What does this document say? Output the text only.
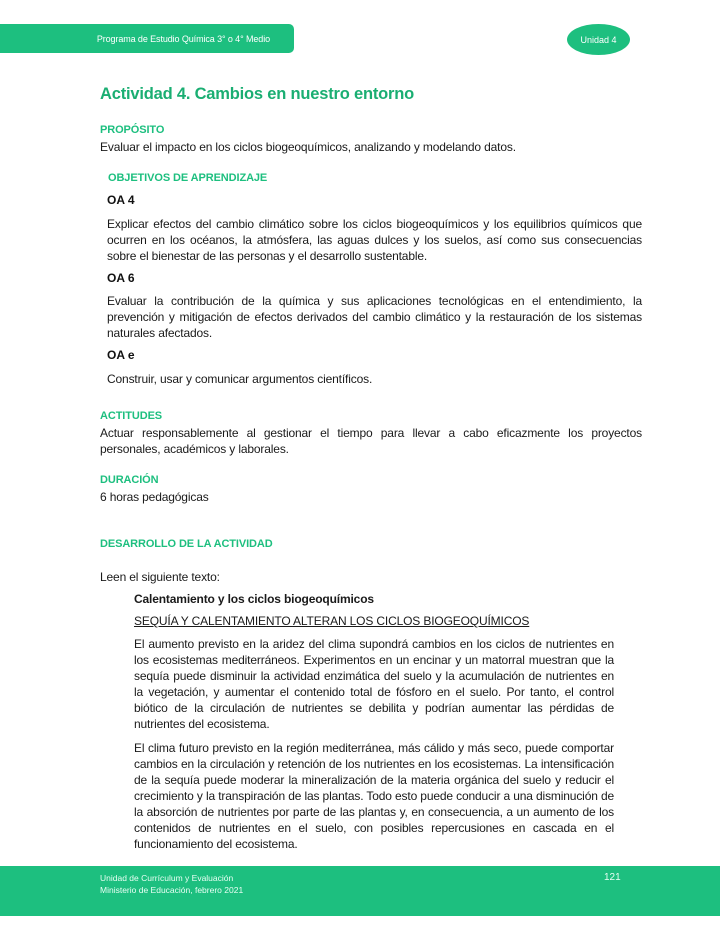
Programa de Estudio Química 3° o 4° Medio	Unidad 4
Actividad 4. Cambios en nuestro entorno
PROPÓSITO
Evaluar el impacto en los ciclos biogeoquímicos, analizando y modelando datos.
OBJETIVOS DE APRENDIZAJE
OA 4
Explicar efectos del cambio climático sobre los ciclos biogeoquímicos y los equilibrios químicos que ocurren en los océanos, la atmósfera, las aguas dulces y los suelos, así como sus consecuencias sobre el bienestar de las personas y el desarrollo sustentable.
OA 6
Evaluar la contribución de la química y sus aplicaciones tecnológicas en el entendimiento, la prevención y mitigación de efectos derivados del cambio climático y la restauración de los sistemas naturales afectados.
OA e
Construir, usar y comunicar argumentos científicos.
ACTITUDES
Actuar responsablemente al gestionar el tiempo para llevar a cabo eficazmente los proyectos personales, académicos y laborales.
DURACIÓN
6 horas pedagógicas
DESARROLLO DE LA ACTIVIDAD
Leen el siguiente texto:
Calentamiento y los ciclos biogeoquímicos
SEQUÍA Y CALENTAMIENTO ALTERAN LOS CICLOS BIOGEOQUÍMICOS
El aumento previsto en la aridez del clima supondrá cambios en los ciclos de nutrientes en los ecosistemas mediterráneos. Experimentos en un encinar y un matorral muestran que la sequía puede disminuir la actividad enzimática del suelo y la acumulación de nutrientes en la vegetación, y aumentar el contenido total de fósforo en el suelo. Por tanto, el control biótico de la circulación de nutrientes se debilita y podrían aumentar las pérdidas de nutrientes del ecosistema.
El clima futuro previsto en la región mediterránea, más cálido y más seco, puede comportar cambios en la circulación y retención de los nutrientes en los ecosistemas. La intensificación de la sequía puede moderar la mineralización de la materia orgánica del suelo y reducir el crecimiento y la transpiración de las plantas. Todo esto puede conducir a una disminución de la absorción de nutrientes por parte de las plantas y, en consecuencia, a un aumento de los contenidos de nutrientes en el suelo, con posibles repercusiones en cascada en el funcionamiento del ecosistema.
Unidad de Currículum y Evaluación
Ministerio de Educación, febrero 2021
121
